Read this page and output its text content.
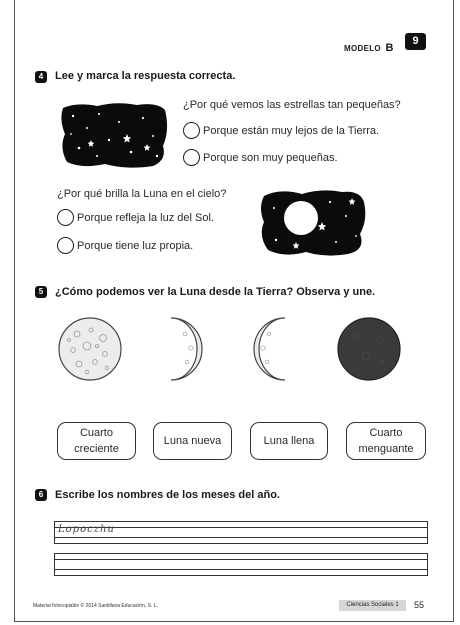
MODELO B
9
4	Lee y marca la respuesta correcta.
¿Por qué vemos las estrellas tan pequeñas?
Porque están muy lejos de la Tierra.
Porque son muy pequeñas.
¿Por qué brilla la Luna en el cielo?
Porque refleja la luz del Sol.
Porque tiene luz propia.
5	¿Cómo podemos ver la Luna desde la Tierra? Observa y une.
Cuarto
creciente
Luna nueva	Luna llena
Cuarto
menguante
6	Escribe los nombres de los meses del año.
Lopoczhu
Material fotocopiable © 2014 Santillana Educación, S. L.	Ciencias Sociales 1	55
